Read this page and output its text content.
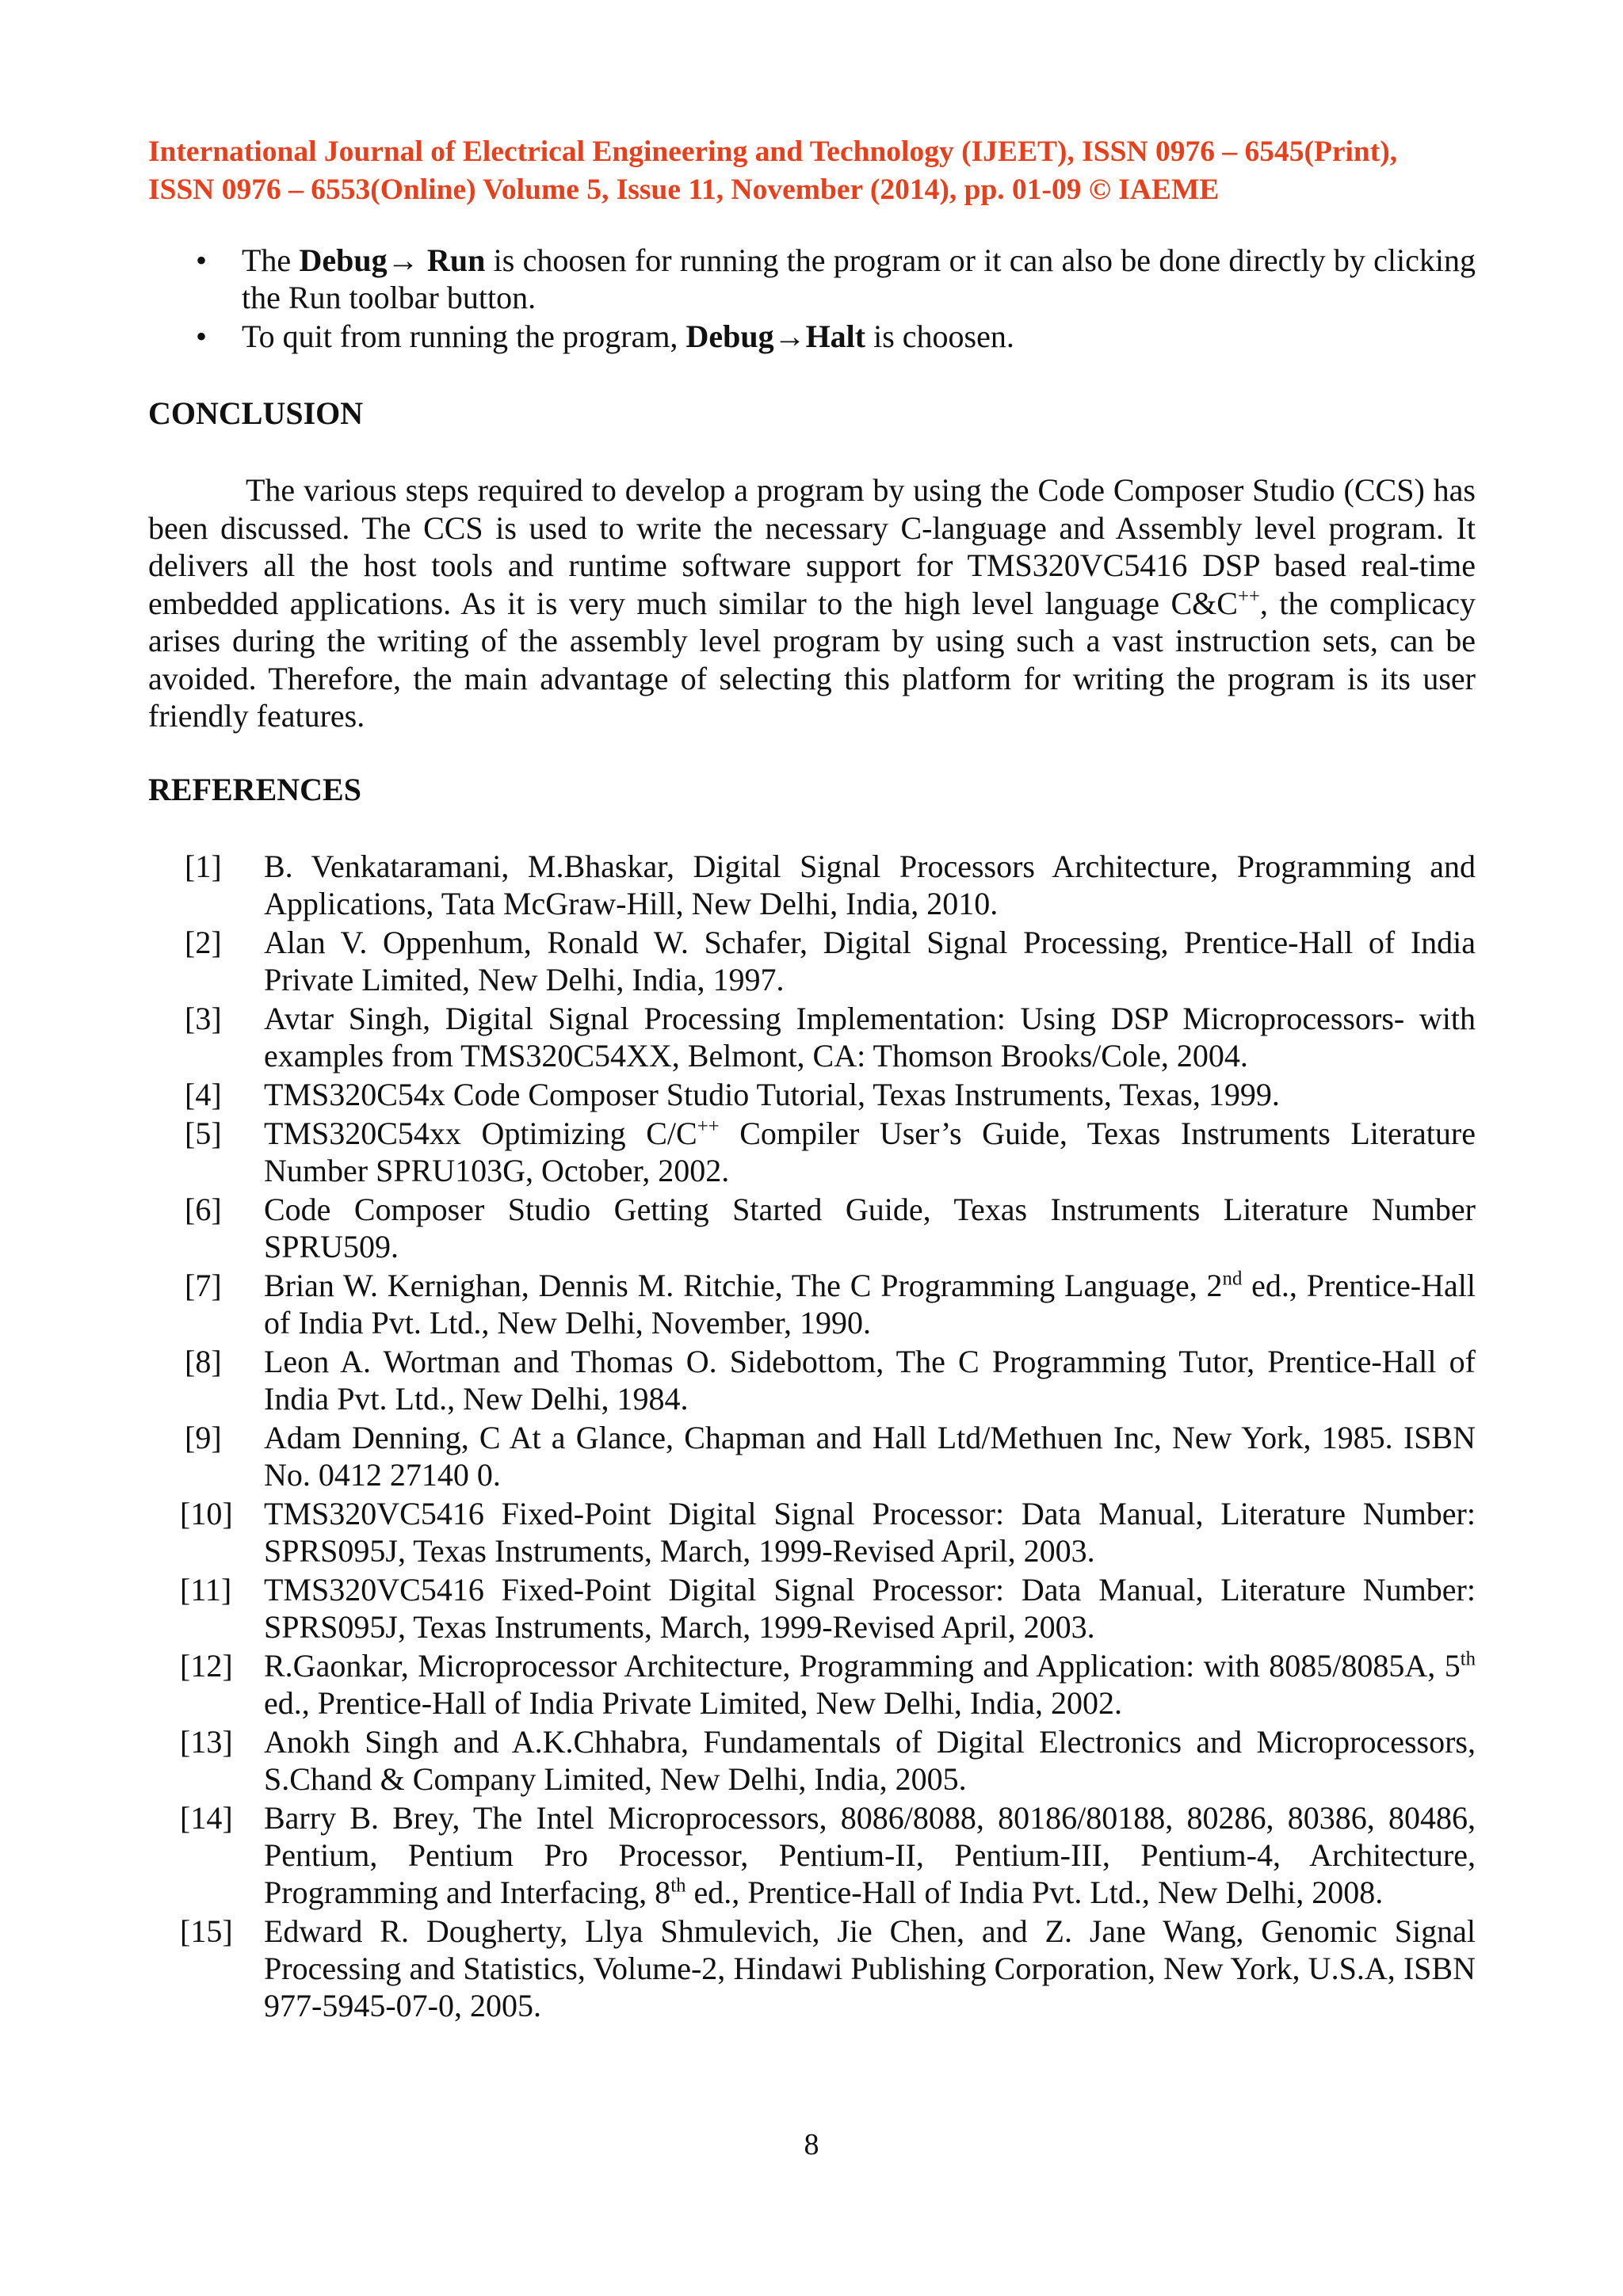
International Journal of Electrical Engineering and Technology (IJEET), ISSN 0976 – 6545(Print),
ISSN 0976 – 6553(Online) Volume 5, Issue 11, November (2014), pp. 01-09 © IAEME
• The Debug→ Run is choosen for running the program or it can also be done directly by clicking the Run toolbar button.
• To quit from running the program, Debug→Halt is choosen.
CONCLUSION
The various steps required to develop a program by using the Code Composer Studio (CCS) has been discussed. The CCS is used to write the necessary C-language and Assembly level program. It delivers all the host tools and runtime software support for TMS320VC5416 DSP based real-time embedded applications. As it is very much similar to the high level language C&C++, the complicacy arises during the writing of the assembly level program by using such a vast instruction sets, can be avoided. Therefore, the main advantage of selecting this platform for writing the program is its user friendly features.
REFERENCES
[1] B. Venkataramani, M.Bhaskar, Digital Signal Processors Architecture, Programming and Applications, Tata McGraw-Hill, New Delhi, India, 2010.
[2] Alan V. Oppenhum, Ronald W. Schafer, Digital Signal Processing, Prentice-Hall of India Private Limited, New Delhi, India, 1997.
[3] Avtar Singh, Digital Signal Processing Implementation: Using DSP Microprocessors- with examples from TMS320C54XX, Belmont, CA: Thomson Brooks/Cole, 2004.
[4] TMS320C54x Code Composer Studio Tutorial, Texas Instruments, Texas, 1999.
[5] TMS320C54xx Optimizing C/C++ Compiler User’s Guide, Texas Instruments Literature Number SPRU103G, October, 2002.
[6] Code Composer Studio Getting Started Guide, Texas Instruments Literature Number SPRU509.
[7] Brian W. Kernighan, Dennis M. Ritchie, The C Programming Language, 2nd ed., Prentice-Hall of India Pvt. Ltd., New Delhi, November, 1990.
[8] Leon A. Wortman and Thomas O. Sidebottom, The C Programming Tutor, Prentice-Hall of India Pvt. Ltd., New Delhi, 1984.
[9] Adam Denning, C At a Glance, Chapman and Hall Ltd/Methuen Inc, New York, 1985. ISBN No. 0412 27140 0.
[10] TMS320VC5416 Fixed-Point Digital Signal Processor: Data Manual, Literature Number: SPRS095J, Texas Instruments, March, 1999-Revised April, 2003.
[11] TMS320VC5416 Fixed-Point Digital Signal Processor: Data Manual, Literature Number: SPRS095J, Texas Instruments, March, 1999-Revised April, 2003.
[12] R.Gaonkar, Microprocessor Architecture, Programming and Application: with 8085/8085A, 5th ed., Prentice-Hall of India Private Limited, New Delhi, India, 2002.
[13] Anokh Singh and A.K.Chhabra, Fundamentals of Digital Electronics and Microprocessors, S.Chand & Company Limited, New Delhi, India, 2005.
[14] Barry B. Brey, The Intel Microprocessors, 8086/8088, 80186/80188, 80286, 80386, 80486, Pentium, Pentium Pro Processor, Pentium-II, Pentium-III, Pentium-4, Architecture, Programming and Interfacing, 8th ed., Prentice-Hall of India Pvt. Ltd., New Delhi, 2008.
[15] Edward R. Dougherty, Llya Shmulevich, Jie Chen, and Z. Jane Wang, Genomic Signal Processing and Statistics, Volume-2, Hindawi Publishing Corporation, New York, U.S.A, ISBN 977-5945-07-0, 2005.
8
